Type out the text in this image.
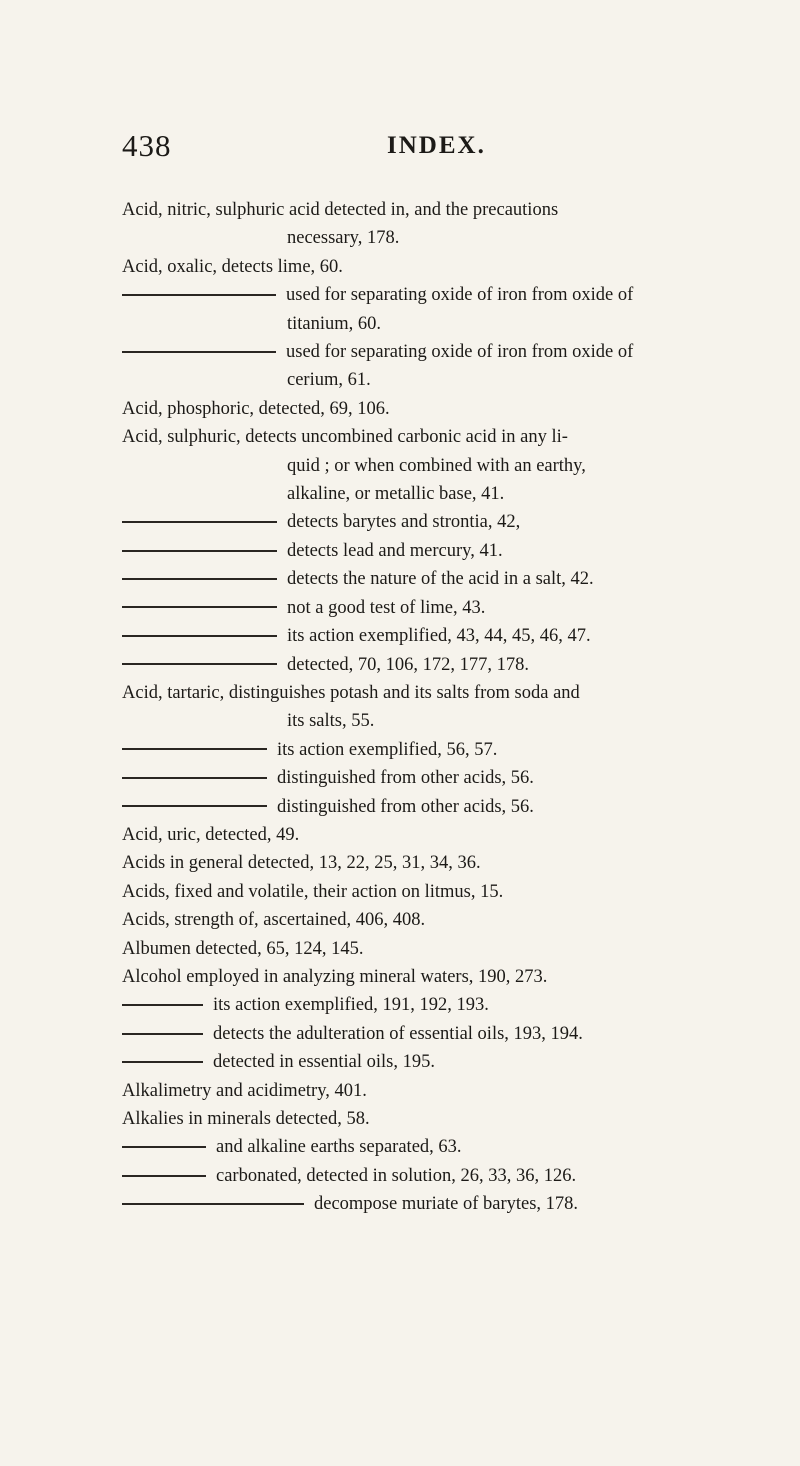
438	INDEX.
Acid, nitric, sulphuric acid detected in, and the precautions
necessary, 178.
Acid, oxalic, detects lime, 60.
used for separating oxide of iron from oxide of
titanium, 60.
used for separating oxide of iron from oxide of
cerium, 61.
Acid, phosphoric, detected, 69, 106.
Acid, sulphuric, detects uncombined carbonic acid in any li-
quid ; or when combined with an earthy,
alkaline, or metallic base, 41.
detects barytes and strontia, 42,
detects lead and mercury, 41.
detects the nature of the acid in a salt, 42.
not a good test of lime, 43.
its action exemplified, 43, 44, 45, 46, 47.
detected, 70, 106, 172, 177, 178.
Acid, tartaric, distinguishes potash and its salts from soda and
its salts, 55.
its action exemplified, 56, 57.
distinguished from other acids, 56.
distinguished from other acids, 56.
Acid, uric, detected, 49.
Acids in general detected, 13, 22, 25, 31, 34, 36.
Acids, fixed and volatile, their action on litmus, 15.
Acids, strength of, ascertained, 406, 408.
Albumen detected, 65, 124, 145.
Alcohol employed in analyzing mineral waters, 190, 273.
its action exemplified, 191, 192, 193.
detects the adulteration of essential oils, 193, 194.
detected in essential oils, 195.
Alkalimetry and acidimetry, 401.
Alkalies in minerals detected, 58.
and alkaline earths separated, 63.
carbonated, detected in solution, 26, 33, 36, 126.
decompose muriate of barytes, 178.
